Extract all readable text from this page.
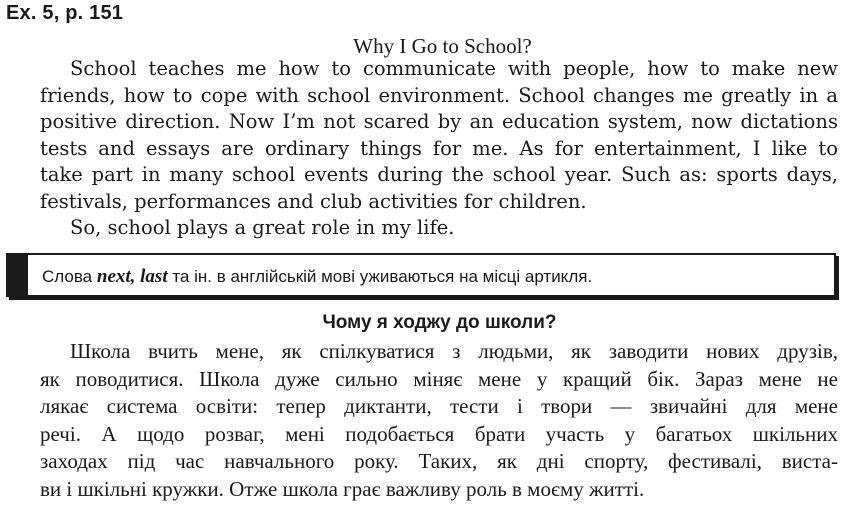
Ex. 5, p. 151
Why I Go to School?
School teaches me how to communicate with people, how to make new
friends, how to cope with school environment. School changes me greatly in a
positive direction. Now I’m not scared by an education system, now dictations
tests and essays are ordinary things for me. As for entertainment, I like to
take part in many school events during the school year. Such as: sports days,
festivals, performances and club activities for children.
So, school plays a great role in my life.
Слова next, last та ін. в англійській мові уживаються на місці артикля.
Чому я ходжу до школи?
Школа вчить мене, як спілкуватися з людьми, як заводити нових друзів,
як поводитися. Школа дуже сильно міняє мене у кращий бік. Зараз мене не
лякає система освіти: тепер диктанти, тести і твори — звичайні для мене
речі. А щодо розваг, мені подобається брати участь у багатьох шкільних
заходах під час навчального року. Таких, як дні спорту, фестивалі, виста-
ви і шкільні кружки. Отже школа грає важливу роль в моєму житті.
